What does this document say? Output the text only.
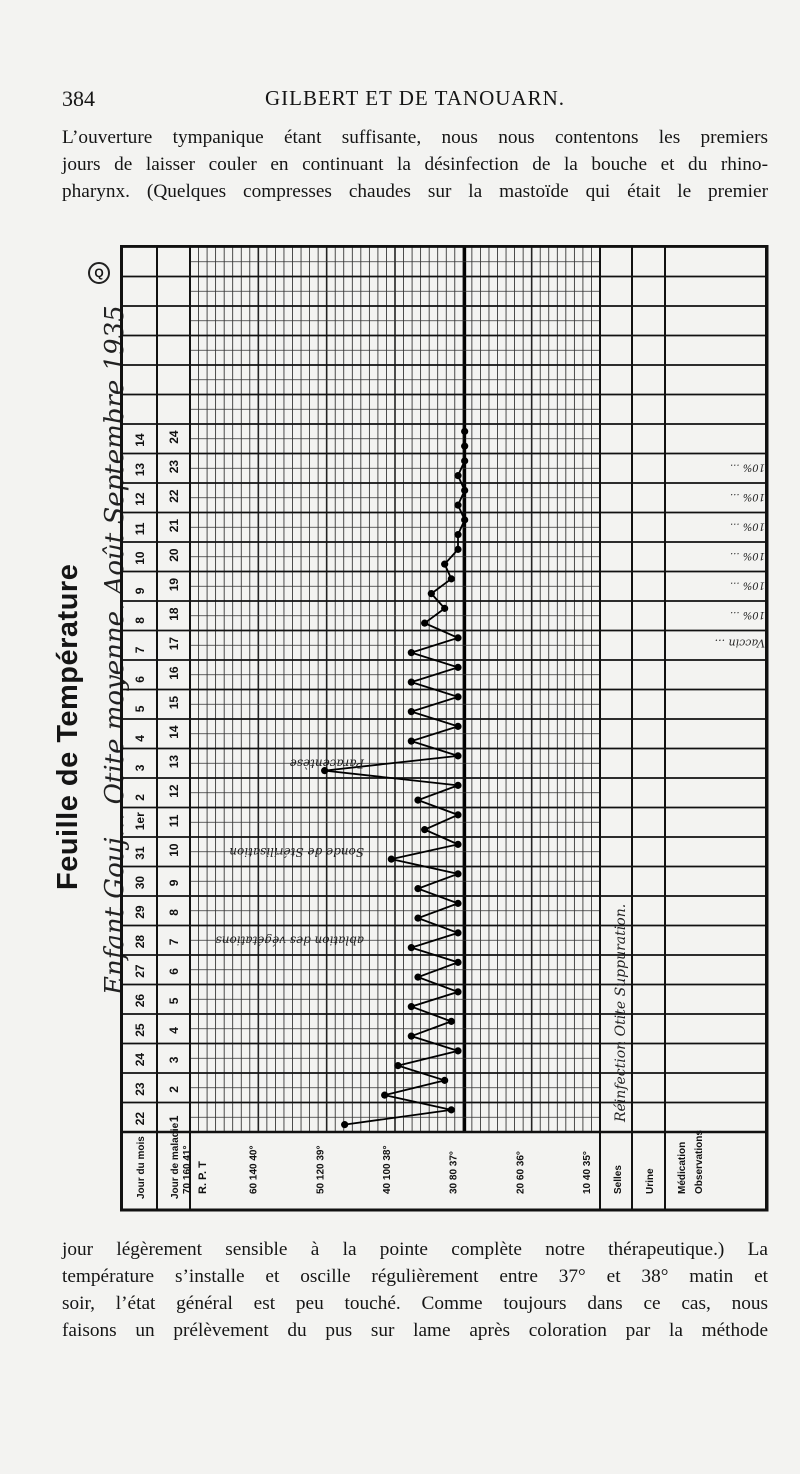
384	GILBERT ET DE TANOUARN.
L’ouverture tympanique étant suffisante, nous nous contentons les premiers
jours de laisser couler en continuant la désinfection de la bouche et du rhino-
pharynx. (Quelques compresses chaudes sur la mastoïde qui était le premier
Feuille de Température Enfant Gouj... Otite moyenne. Août Septembre 1935
Q
Jour du mois Jour de maladie R. P. T
70 160 41°	60 140 40°	50 120 39°	40 100 38°	30 80 37°	20 60 36°	10 40 35° Selles Urine Médication Observations
22 1
23 2
24 3
25 4
26 5
27 6
28 7
29 8
30 9
31 10
1er 11
2 12
3 13
4 14
5 15
6 16
7 17
8 18
9 19
10 20
11 21
12 22
13 23
14 24
ablation des végétations
Sonde de Stérilisation
Paracentèse
Réinfection Otite Suppuration.
Vaccin ...
10% ...
10% ...
10% ...
10% ...
10% ...
10% ...
jour légèrement sensible à la pointe complète notre thérapeutique.) La
température s’installe et oscille régulièrement entre 37° et 38° matin et
soir, l’état général est peu touché. Comme toujours dans ce cas, nous
faisons un prélèvement du pus sur lame après coloration par la méthode
